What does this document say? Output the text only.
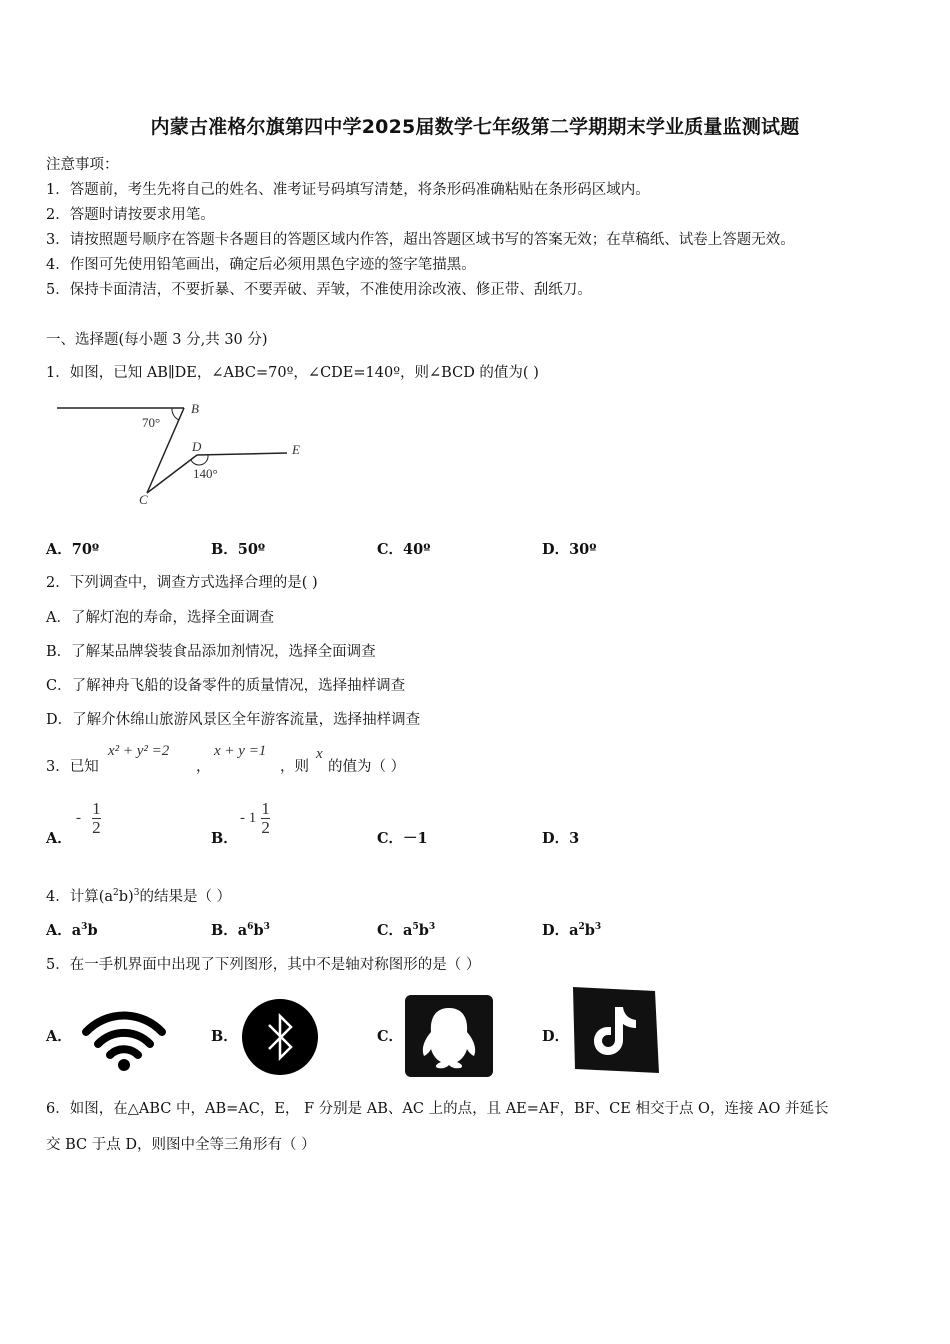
内蒙古准格尔旗第四中学2025届数学七年级第二学期期末学业质量监测试题
注意事项：
1．答题前，考生先将自己的姓名、准考证号码填写清楚，将条形码准确粘贴在条形码区域内。
2．答题时请按要求用笔。
3．请按照题号顺序在答题卡各题目的答题区域内作答，超出答题区域书写的答案无效；在草稿纸、试卷上答题无效。
4．作图可先使用铅笔画出，确定后必须用黑色字迹的签字笔描黑。
5．保持卡面清洁，不要折暴、不要弄破、弄皱，不准使用涂改液、修正带、刮纸刀。
一、选择题(每小题 3 分,共 30 分)
1．如图，已知 AB∥DE，∠ABC=70º，∠CDE=140º，则∠BCD 的值为( )
70°
B
D	E
140°
C
A．70º	B．50º	C．40º	D．30º
2．下列调查中，调查方式选择合理的是( )
A．了解灯泡的寿命，选择全面调查
B．了解某品牌袋装食品添加剂情况，选择全面调查
C．了解神舟飞船的设备零件的质量情况，选择抽样调查
D．了解介休绵山旅游风景区全年游客流量，选择抽样调查
3．已知
x² + y² =2
，
x + y =1
，则
x
的值为（ ）
A．
- $\frac{1}{2}$
B．
- $1 \frac{1}{2}$
C．－1	D．3
4．计算$(a^2b)^3$的结果是（ ）
A．$a^3b$	B．$a^6b^3$	C．$a^5b^3$	D．$a^2b^3$
5．在一手机界面中出现了下列图形，其中不是轴对称图形的是（ ）
A．	B．	C．	D．
6．如图，在△ABC 中，AB=AC，E， F 分别是 AB、AC 上的点，且 AE=AF，BF、CE 相交于点 O，连接 AO 并延长
交 BC 于点 D，则图中全等三角形有（ ）
